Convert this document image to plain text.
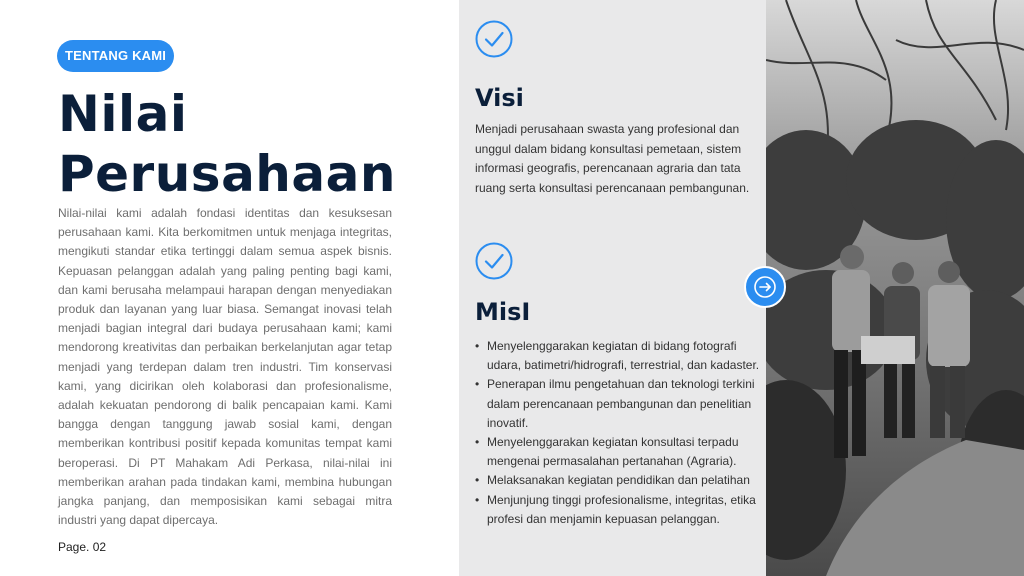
TENTANG KAMI
Nilai
Perusahaan
Nilai-nilai kami adalah fondasi identitas dan kesuksesan perusahaan kami. Kita berkomitmen untuk menjaga integritas, mengikuti standar etika tertinggi dalam semua aspek bisnis. Kepuasan pelanggan adalah yang paling penting bagi kami, dan kami berusaha melampaui harapan dengan menyediakan produk dan layanan yang luar biasa. Semangat inovasi telah menjadi bagian integral dari budaya perusahaan kami; kami mendorong kreativitas dan perbaikan berkelanjutan agar tetap menjadi yang terdepan dalam tren industri. Tim konservasi kami, yang dicirikan oleh kolaborasi dan profesionalisme, adalah kekuatan pendorong di balik pencapaian kami. Kami bangga dengan tanggung jawab sosial kami, dengan memberikan kontribusi positif kepada komunitas tempat kami beroperasi. Di PT Mahakam Adi Perkasa, nilai-nilai ini memberikan arahan pada tindakan kami, membina hubungan jangka panjang, dan memposisikan kami sebagai mitra industri yang dapat dipercaya.
Page. 02
Visi
Menjadi perusahaan swasta yang profesional dan unggul dalam bidang konsultasi pemetaan, sistem informasi geografis, perencanaan agraria dan tata ruang serta konsultasi perencanaan pembangunan.
MisI
• Menyelenggarakan kegiatan di bidang fotografi udara, batimetri/hidrografi, terrestrial, dan kadaster.
• Penerapan ilmu pengetahuan dan teknologi terkini dalam perencanaan pembangunan dan penelitian inovatif.
• Menyelenggarakan kegiatan konsultasi terpadu mengenai permasalahan pertanahan (Agraria).
• Melaksanakan kegiatan pendidikan dan pelatihan
• Menjunjung tinggi profesionalisme, integritas, etika profesi dan menjamin kepuasan pelanggan.
